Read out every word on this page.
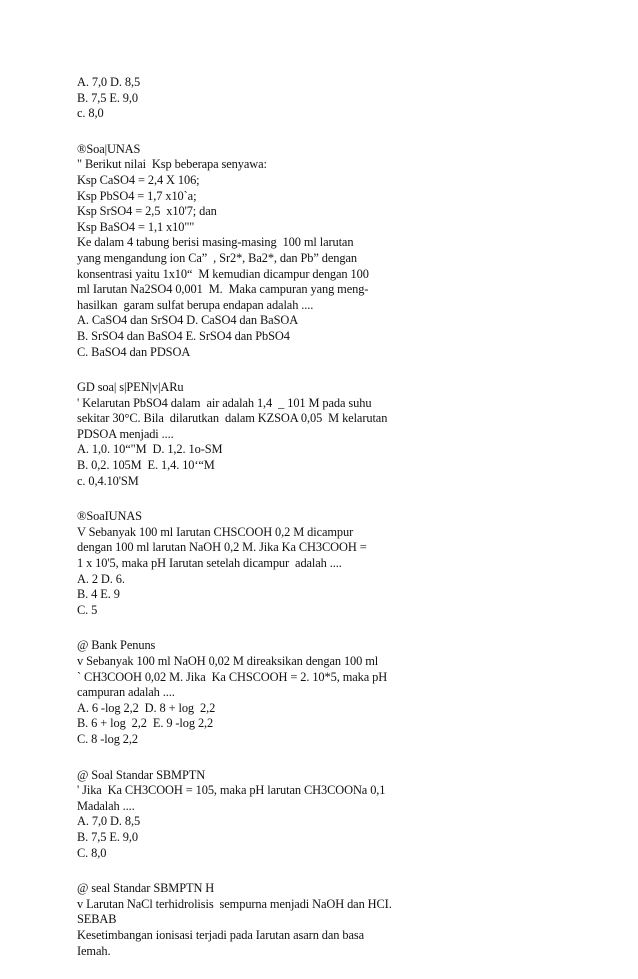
A. 7,0 D. 8,5
B. 7,5 E. 9,0
c. 8,0
®Soa|UNAS
" Berikut nilai  Ksp beberapa senyawa:
Ksp CaSO4 = 2,4 X 106;
Ksp PbSO4 = 1,7 x10`a;
Ksp SrSO4 = 2,5  x10'7; dan
Ksp BaSO4 = 1,1 x10""
Ke dalam 4 tabung berisi masing-masing  100 ml larutan
yang mengandung ion Ca”  , Sr2*, Ba2*, dan Pb” dengan
konsentrasi yaitu 1x10“  M kemudian dicampur dengan 100
ml Iarutan Na2SO4 0,001  M.  Maka campuran yang meng-
hasilkan  garam sulfat berupa endapan adalah ....
A. CaSO4 dan SrSO4 D. CaSO4 dan BaSOA
B. SrSO4 dan BaSO4 E. SrSO4 dan PbSO4
C. BaSO4 dan PDSOA
GD soa| s|PEN|v|ARu
' Kelarutan PbSO4 dalam  air adalah 1,4  _ 101 M pada suhu
sekitar 30°C. Bila  dilarutkan  dalam KZSOA 0,05  M kelarutan
PDSOA menjadi ....
A. 1,0. 10“"M  D. 1,2. 1o-SM
B. 0,2. 105M  E. 1,4. 10‘“M
c. 0,4.10'SM
®SoaIUNAS
V Sebanyak 100 ml Iarutan CHSCOOH 0,2 M dicampur
dengan 100 ml larutan NaOH 0,2 M. Jika Ka CH3COOH =
1 x 10'5, maka pH Iarutan setelah dicampur  adalah ....
A. 2 D. 6.
B. 4 E. 9
C. 5
@ Bank Penuns
v Sebanyak 100 ml NaOH 0,02 M direaksikan dengan 100 ml
` CH3COOH 0,02 M. Jika  Ka CHSCOOH = 2. 10*5, maka pH
campuran adalah ....
A. 6 -log 2,2  D. 8 + log  2,2
B. 6 + log  2,2  E. 9 -log 2,2
C. 8 -log 2,2
@ Soal Standar SBMPTN
' Jika  Ka CH3COOH = 105, maka pH larutan CH3COONa 0,1
Madalah ....
A. 7,0 D. 8,5
B. 7,5 E. 9,0
C. 8,0
@ seal Standar SBMPTN H
v Larutan NaCl terhidrolisis  sempurna menjadi NaOH dan HCI.
SEBAB
Kesetimbangan ionisasi terjadi pada Iarutan asarn dan basa
Iemah.
